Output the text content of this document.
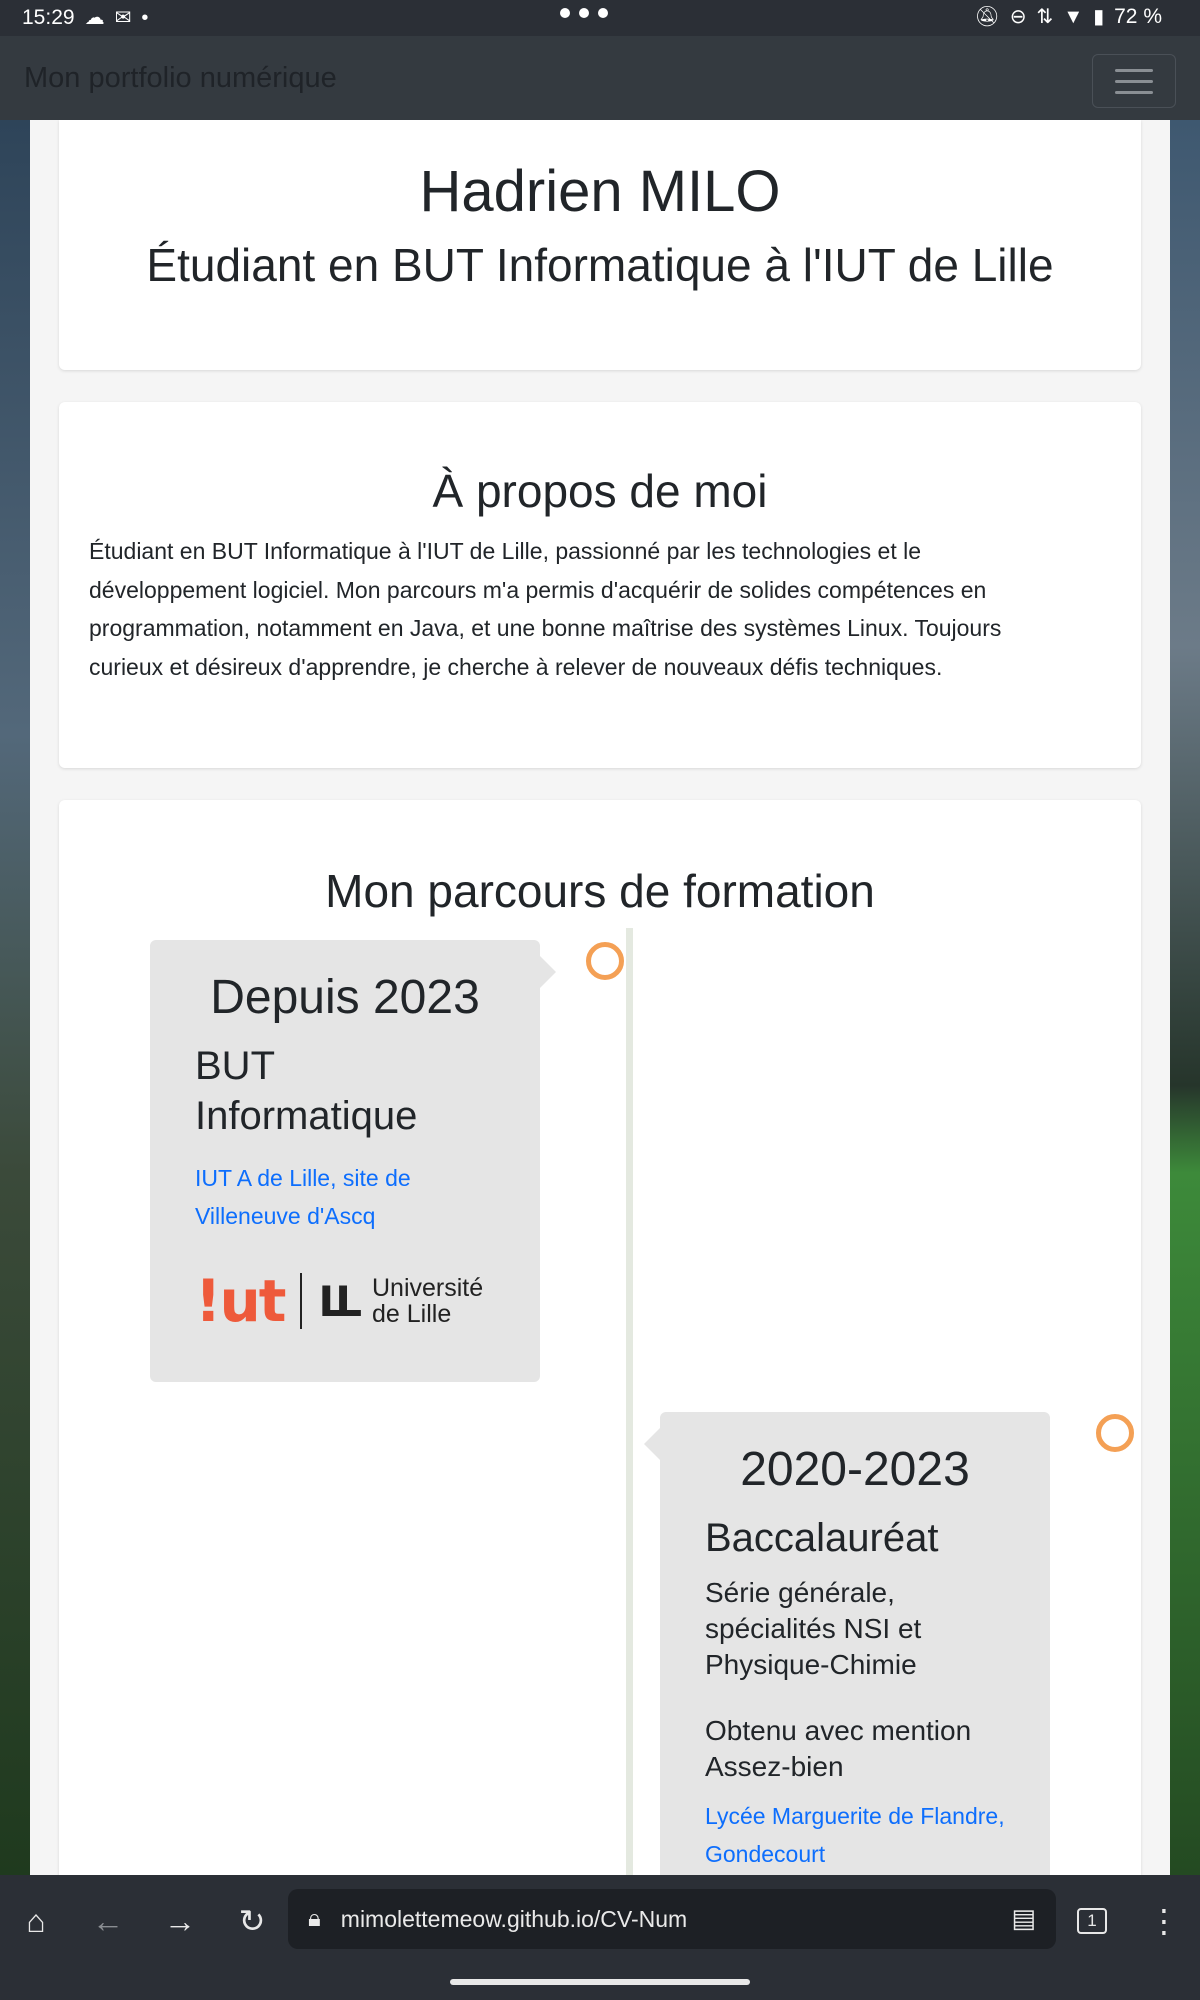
15:29 ☁ ✉ •	🔕︎ ⊖ ⇅ ▼ ▮ 72 %
Mon portfolio numérique
Hadrien MILO
Étudiant en BUT Informatique à l'IUT de Lille
À propos de moi

Étudiant en BUT Informatique à l'IUT de Lille, passionné par les technologies et le développement logiciel. Mon parcours m'a permis d'acquérir de solides compétences en programmation, notamment en Java, et une bonne maîtrise des systèmes Linux. Toujours curieux et désireux d'apprendre, je cherche à relever de nouveaux défis techniques.

Mon parcours de formation
Depuis 2023
BUT Informatique
IUT A de Lille, site de Villeneuve d'Ascq
!ut LL Université
de Lille
2020-2023
Baccalauréat
Série générale, spécialités NSI et Physique-Chimie
Obtenu avec mention Assez-bien
Lycée Marguerite de Flandre, Gondecourt
⌂ ← → ↻ 🔒︎ mimolettemeow.github.io/CV-Num	▤	1	⋮
